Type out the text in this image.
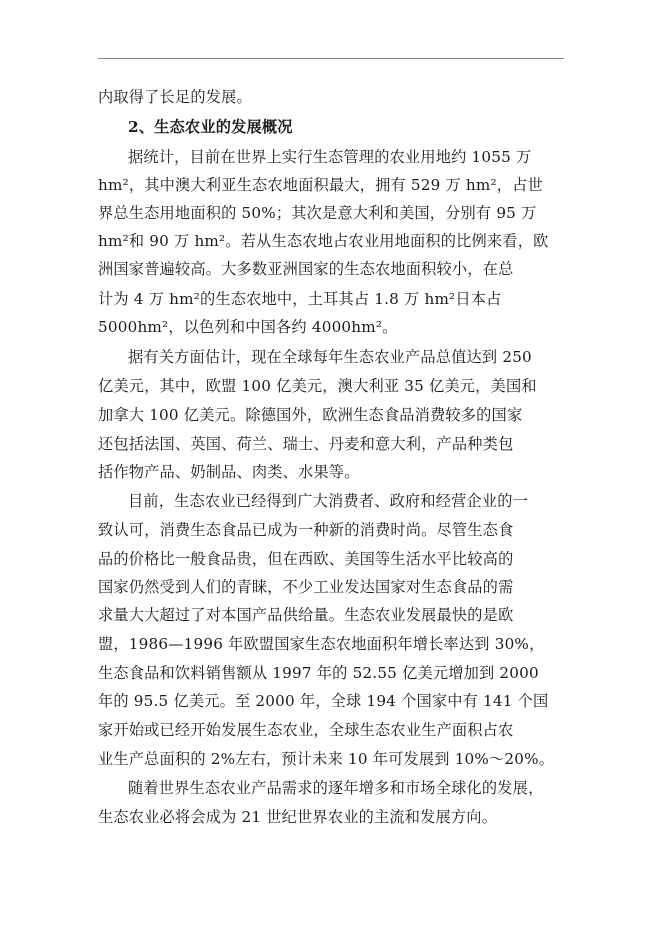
内取得了长足的发展。
2、生态农业的发展概况
据统计，目前在世界上实行生态管理的农业用地约 1055 万
hm²，其中澳大利亚生态农地面积最大，拥有 529 万 hm²，占世
界总生态用地面积的 50%；其次是意大利和美国，分别有 95 万
hm²和 90 万 hm²。若从生态农地占农业用地面积的比例来看，欧
洲国家普遍较高。大多数亚洲国家的生态农地面积较小，在总
计为 4 万 hm²的生态农地中，土耳其占 1.8 万 hm²日本占
5000hm²，以色列和中国各约 4000hm²。
据有关方面估计，现在全球每年生态农业产品总值达到 250
亿美元，其中，欧盟 100 亿美元，澳大利亚 35 亿美元，美国和
加拿大 100 亿美元。除德国外，欧洲生态食品消费较多的国家
还包括法国、英国、荷兰、瑞士、丹麦和意大利，产品种类包
括作物产品、奶制品、肉类、水果等。
目前，生态农业已经得到广大消费者、政府和经营企业的一
致认可，消费生态食品已成为一种新的消费时尚。尽管生态食
品的价格比一般食品贵，但在西欧、美国等生活水平比较高的
国家仍然受到人们的青睐，不少工业发达国家对生态食品的需
求量大大超过了对本国产品供给量。生态农业发展最快的是欧
盟，1986—1996 年欧盟国家生态农地面积年增长率达到 30%，
生态食品和饮料销售额从 1997 年的 52.55 亿美元增加到 2000
年的 95.5 亿美元。至 2000 年，全球 194 个国家中有 141 个国
家开始或已经开始发展生态农业，全球生态农业生产面积占农
业生产总面积的 2%左右，预计未来 10 年可发展到 10%～20%。
随着世界生态农业产品需求的逐年增多和市场全球化的发展，
生态农业必将会成为 21 世纪世界农业的主流和发展方向。
